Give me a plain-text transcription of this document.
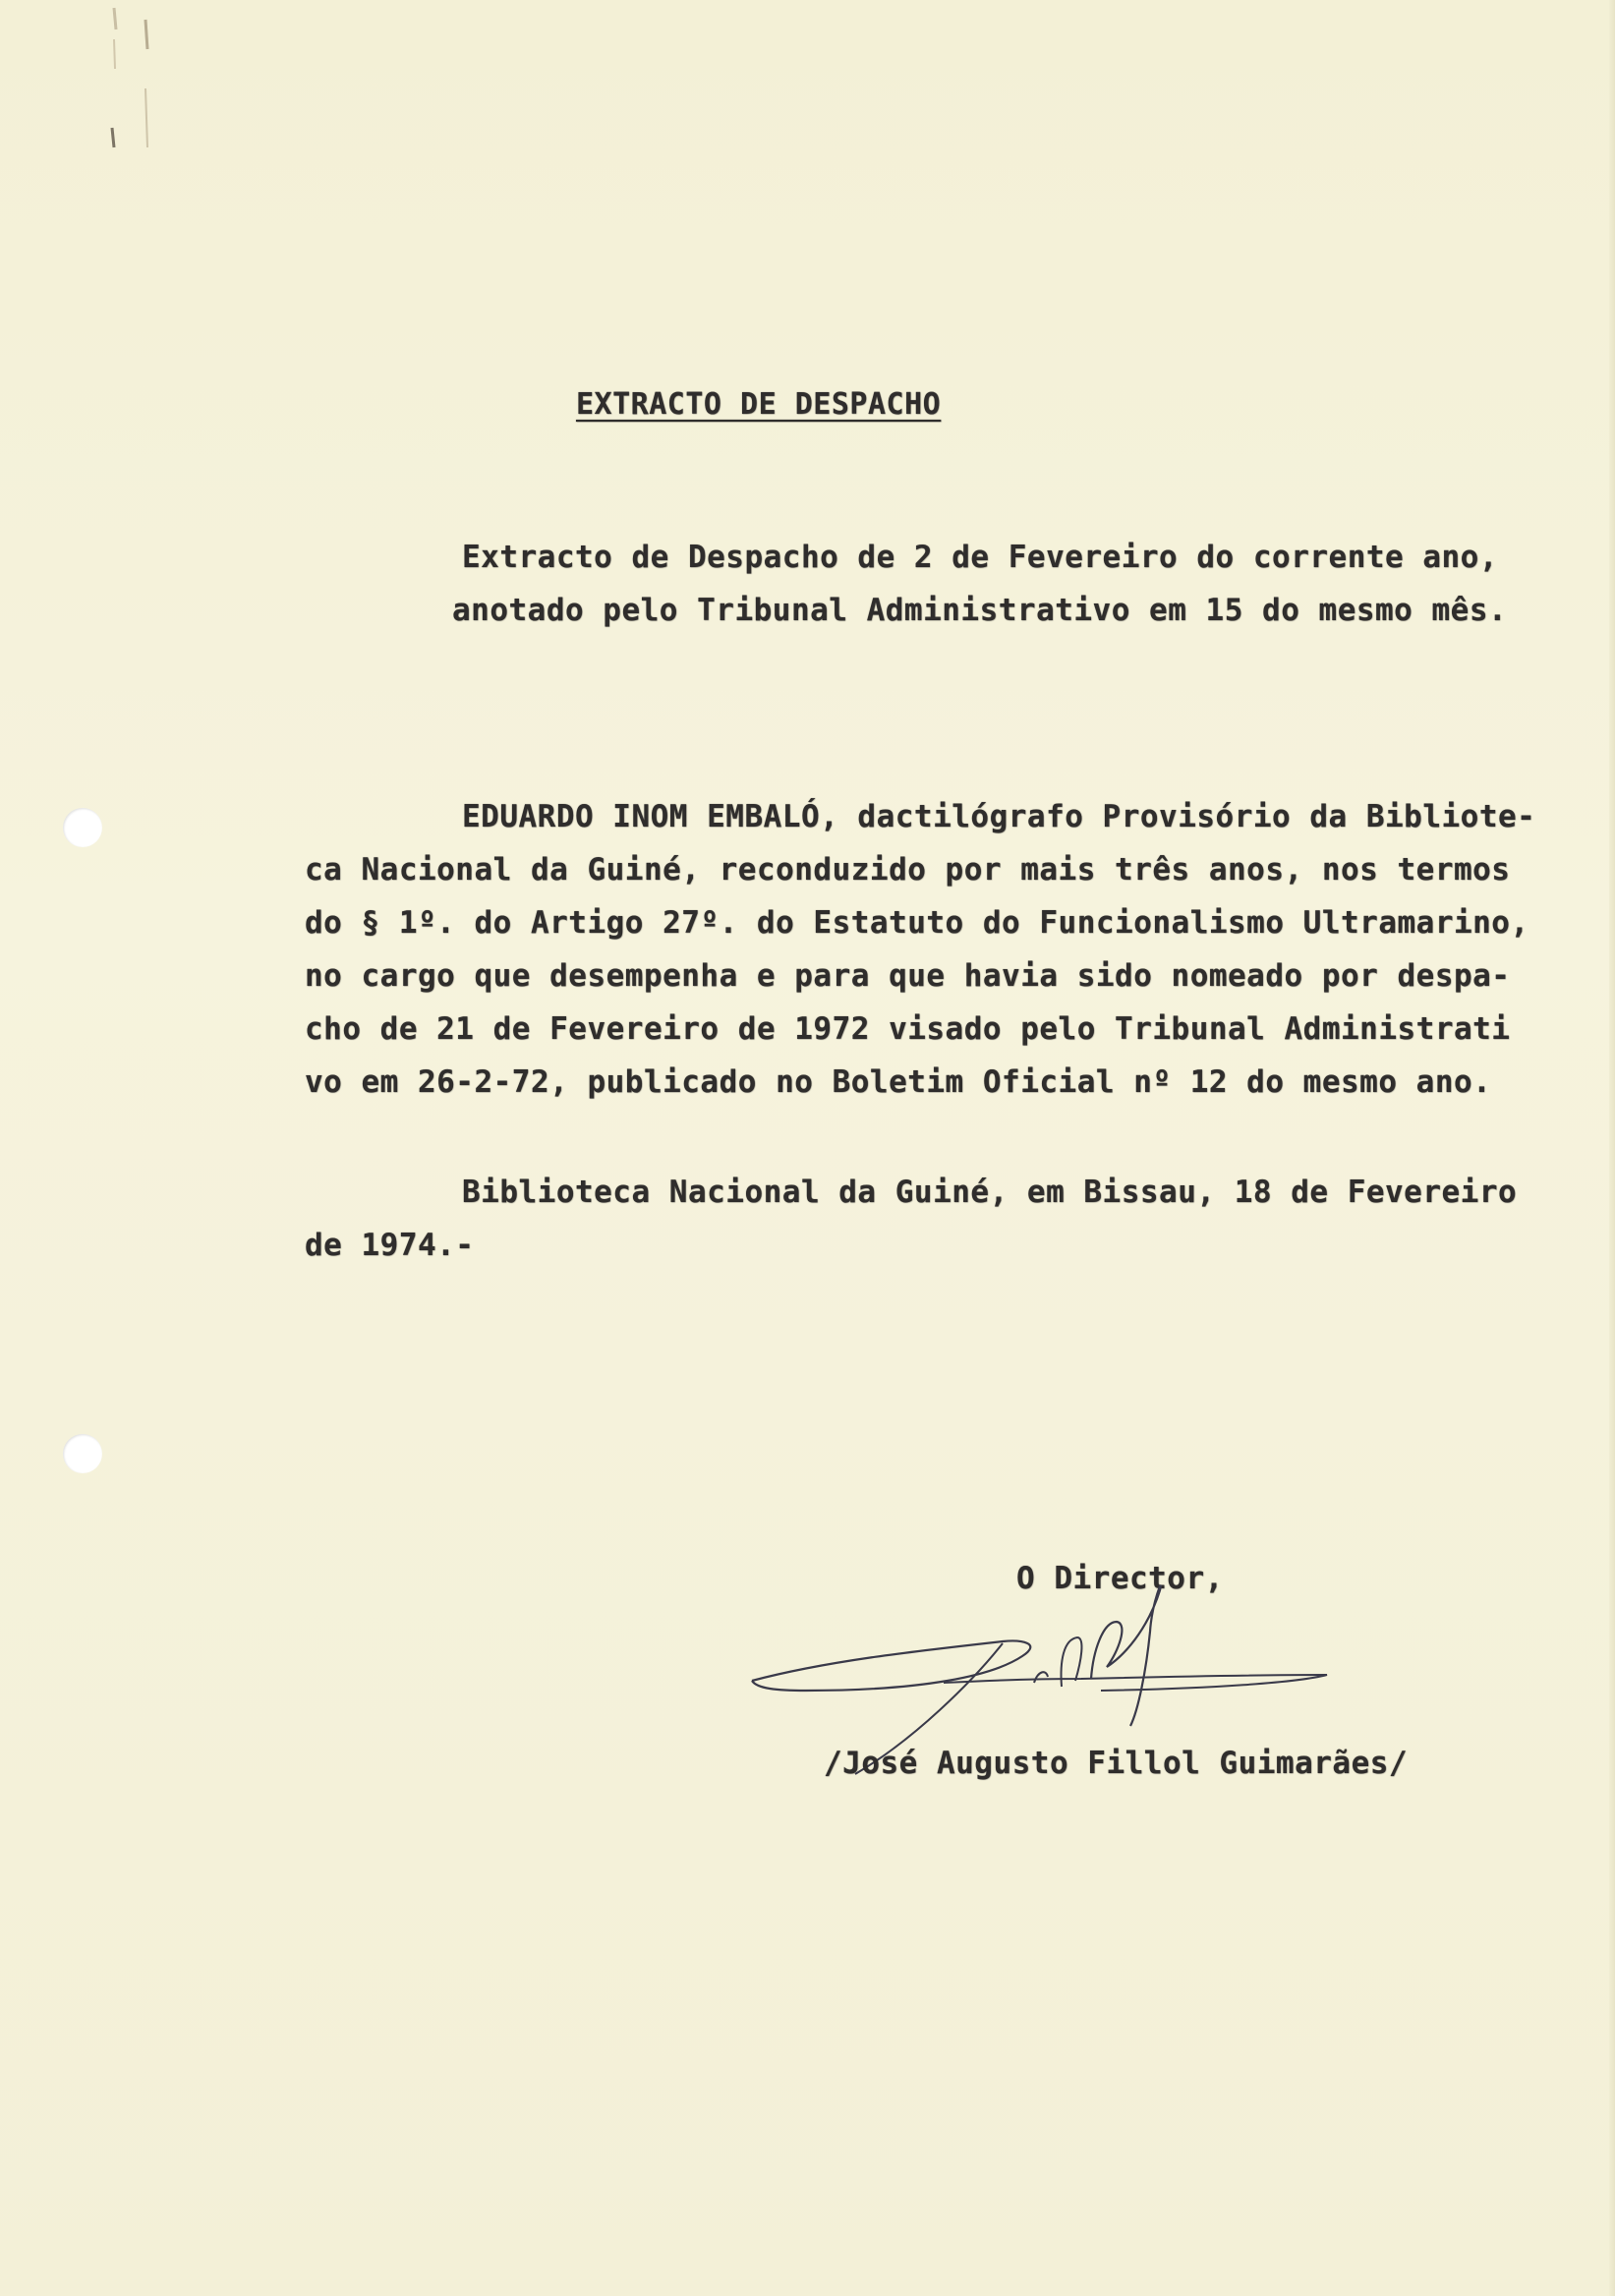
EXTRACTO DE DESPACHO

Extracto de Despacho de 2 de Fevereiro do corrente ano,
anotado pelo Tribunal Administrativo em 15 do mesmo mês.
EDUARDO INOM EMBALÓ, dactilógrafo Provisório da Bibliote-
ca Nacional da Guiné, reconduzido por mais três anos, nos termos
do § 1º. do Artigo 27º. do Estatuto do Funcionalismo Ultramarino,
no cargo que desempenha e para que havia sido nomeado por despa-
cho de 21 de Fevereiro de 1972 visado pelo Tribunal Administrati
vo em 26-2-72, publicado no Boletim Oficial nº 12 do mesmo ano.
Biblioteca Nacional da Guiné, em Bissau, 18 de Fevereiro
de 1974.-

O Director,

/José Augusto Fillol Guimarães/
